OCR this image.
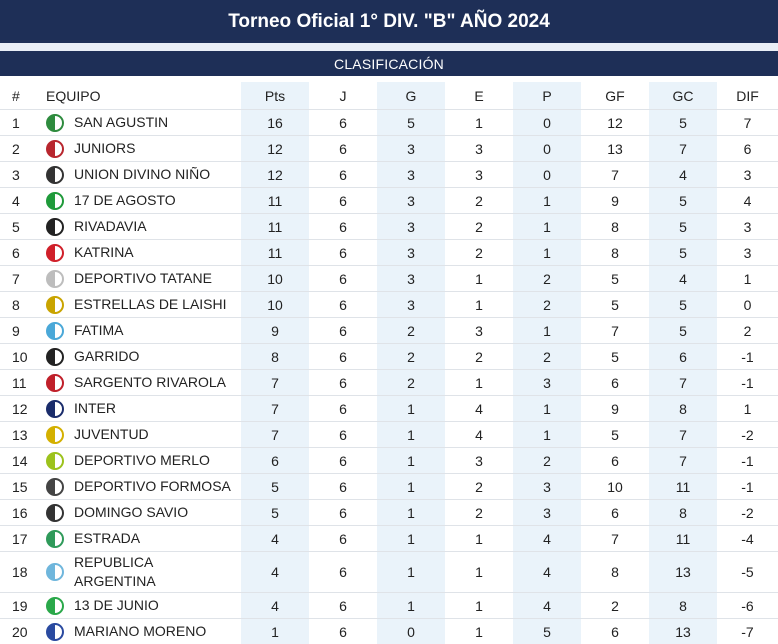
Torneo Oficial 1° DIV. "B" AÑO 2024
CLASIFICACIÓN
#	EQUIPO	Pts	J	G	E	P	GF	GC	DIF
1	SAN AGUSTIN	16	6	5	1	0	12	5	7
2	JUNIORS	12	6	3	3	0	13	7	6
3	UNION DIVINO NIÑO	12	6	3	3	0	7	4	3
4	17 DE AGOSTO	11	6	3	2	1	9	5	4
5	RIVADAVIA	11	6	3	2	1	8	5	3
6	KATRINA	11	6	3	2	1	8	5	3
7	DEPORTIVO TATANE	10	6	3	1	2	5	4	1
8	ESTRELLAS DE LAISHI	10	6	3	1	2	5	5	0
9	FATIMA	9	6	2	3	1	7	5	2
10	GARRIDO	8	6	2	2	2	5	6	-1
11	SARGENTO RIVAROLA	7	6	2	1	3	6	7	-1
12	INTER	7	6	1	4	1	9	8	1
13	JUVENTUD	7	6	1	4	1	5	7	-2
14	DEPORTIVO MERLO	6	6	1	3	2	6	7	-1
15	DEPORTIVO FORMOSA	5	6	1	2	3	10	11	-1
16	DOMINGO SAVIO	5	6	1	2	3	6	8	-2
17	ESTRADA	4	6	1	1	4	7	11	-4
18	REPUBLICA ARGENTINA	4	6	1	1	4	8	13	-5
19	13 DE JUNIO	4	6	1	1	4	2	8	-6
20	MARIANO MORENO	1	6	0	1	5	6	13	-7
